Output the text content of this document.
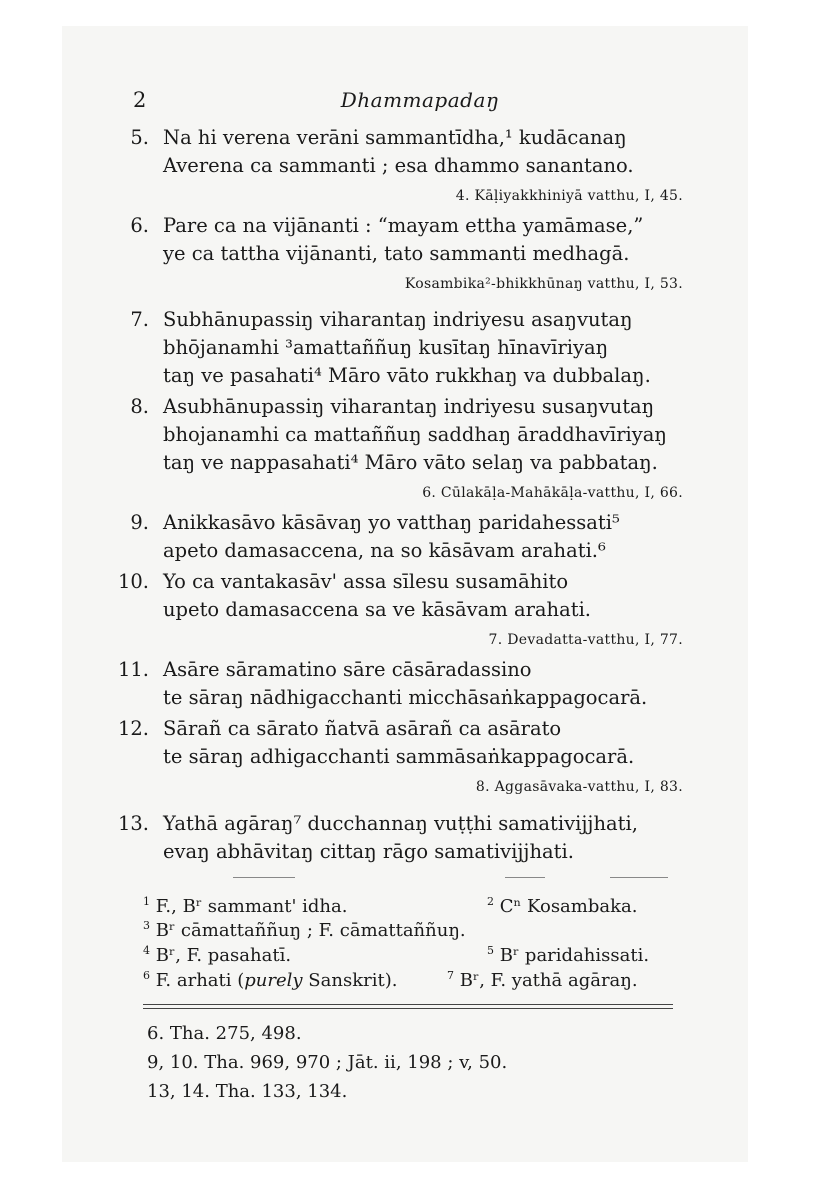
2	Dhammapadaŋ
5. Na hi verena verāni sammantīdha,¹ kudācanaŋ
Averena ca sammanti ; esa dhammo sanantano.
4. Kāḷiyakkhiniyā vatthu, I, 45.
6. Pare ca na vijānanti : “mayam ettha yamāmase,”
ye ca tattha vijānanti, tato sammanti medhagā.
Kosambika²-bhikkhūnaŋ vatthu, I, 53.
7. Subhānupassiŋ viharantaŋ indriyesu asaŋvutaŋ
bhōjanamhi ³amattaññuŋ kusītaŋ hīnavīriyaŋ
taŋ ve pasahati⁴ Māro vāto rukkhaŋ va dubbalaŋ.
8. Asubhānupassiŋ viharantaŋ indriyesu susaŋvutaŋ
bhojanamhi ca mattaññuŋ saddhaŋ āraddhavīriyaŋ
taŋ ve nappasahati⁴ Māro vāto selaŋ va pabbataŋ.
6. Cūlakāḷa-Mahākāḷa-vatthu, I, 66.
9. Anikkasāvo kāsāvaŋ yo vatthaŋ paridahessati⁵
apeto damasaccena, na so kāsāvam arahati.⁶
10. Yo ca vantakasāv' assa sīlesu susamāhito
upeto damasaccena sa ve kāsāvam arahati.
7. Devadatta-vatthu, I, 77.
11. Asāre sāramatino sāre cāsāradassino
te sāraŋ nādhigacchanti micchāsaṅkappagocarā.
12. Sārañ ca sārato ñatvā asārañ ca asārato
te sāraŋ adhigacchanti sammāsaṅkappagocarā.
8. Aggasāvaka-vatthu, I, 83.
13. Yathā agāraŋ⁷ ducchannaŋ vuṭṭhi samativijjhati,
evaŋ abhāvitaŋ cittaŋ rāgo samativijjhati.
$^1$ F., Bʳ sammant' idha.	$^2$ Cⁿ Kosambaka.
$^3$ Bʳ cāmattaññuŋ ; F. cāmattaññuŋ.
$^4$ Bʳ, F. pasahatī.	$^5$ Bʳ paridahissati.
$^6$ F. arhati (purely Sanskrit).	$^7$ Bʳ, F. yathā agāraŋ.
6. Tha. 275, 498.
9, 10. Tha. 969, 970 ; Jāt. ii, 198 ; v, 50.
13, 14. Tha. 133, 134.
